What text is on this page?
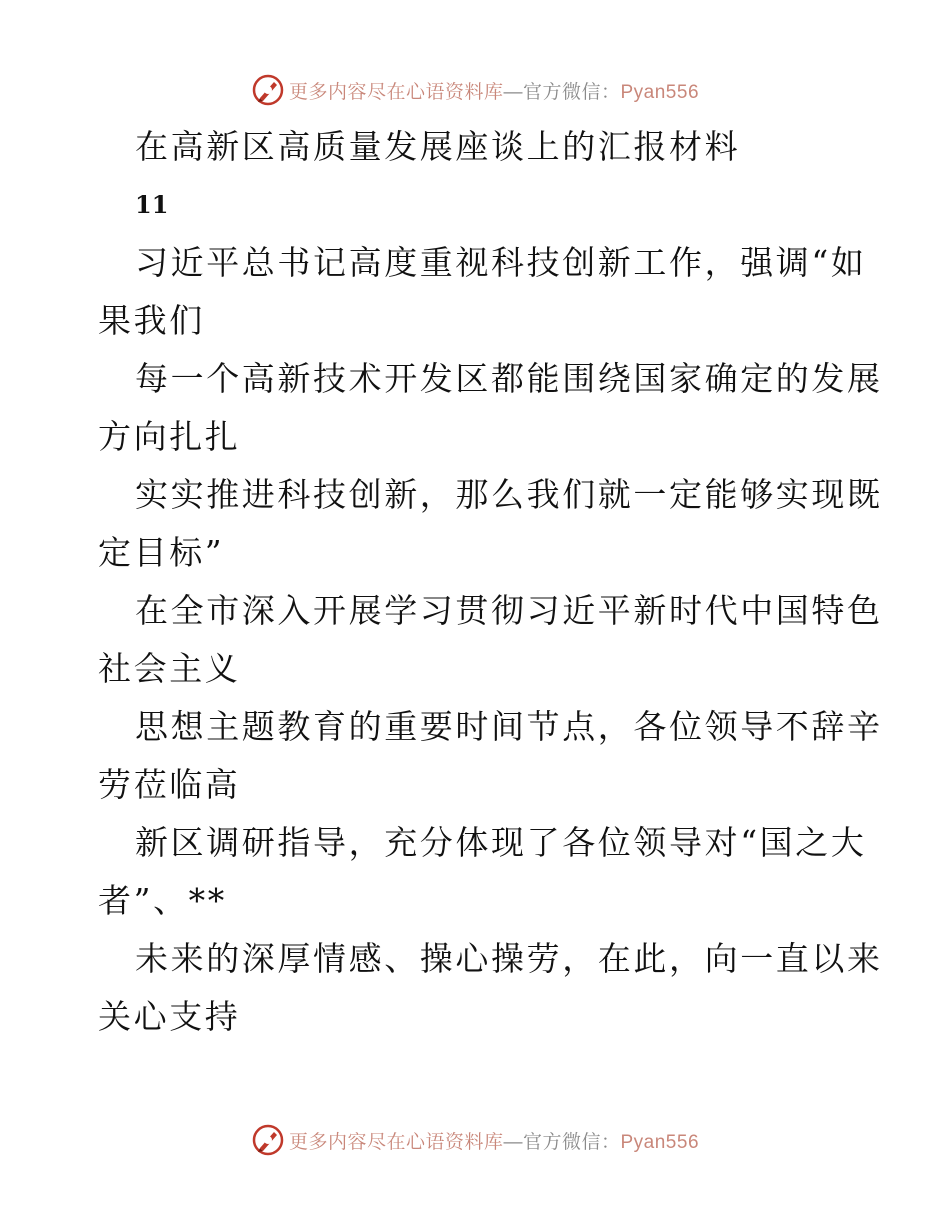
更多内容尽在心语资料库—官方微信：Pyan556
在高新区高质量发展座谈上的汇报材料
11
习近平总书记高度重视科技创新工作，强调“如
果我们
每一个高新技术开发区都能围绕国家确定的发展
方向扎扎
实实推进科技创新，那么我们就一定能够实现既
定目标”
在全市深入开展学习贯彻习近平新时代中国特色
社会主义
思想主题教育的重要时间节点，各位领导不辞辛
劳莅临高
新区调研指导，充分体现了各位领导对“国之大
者”、**
未来的深厚情感、操心操劳，在此，向一直以来
关心支持
更多内容尽在心语资料库—官方微信：Pyan556
